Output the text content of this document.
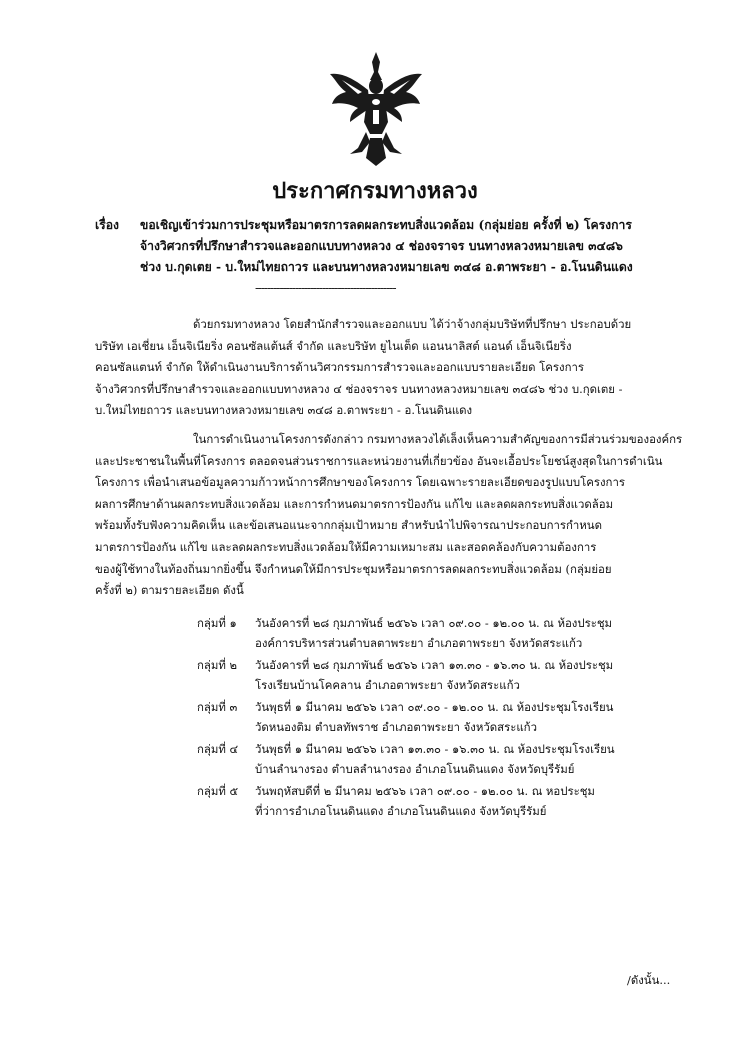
ประกาศกรมทางหลวง
เรื่อง ขอเชิญเข้าร่วมการประชุมหรือมาตรการลดผลกระทบสิ่งแวดล้อม (กลุ่มย่อย ครั้งที่ ๒) โครงการ
จ้างวิศวกรที่ปรึกษาสำรวจและออกแบบทางหลวง ๔ ช่องจราจร บนทางหลวงหมายเลข ๓๔๘๖
ช่วง บ.กุดเตย - บ.ใหม่ไทยถาวร และบนทางหลวงหมายเลข ๓๔๘ อ.ตาพระยา - อ.โนนดินแดง
----------------------------------------------
ด้วยกรมทางหลวง โดยสำนักสำรวจและออกแบบ ได้ว่าจ้างกลุ่มบริษัทที่ปรึกษา ประกอบด้วย
บริษัท เอเชี่ยน เอ็นจิเนียริ่ง คอนซัลแต้นส์ จำกัด และบริษัท ยูไนเต็ด แอนนาลิสต์ แอนด์ เอ็นจิเนียริ่ง
คอนซัลแตนท์ จำกัด ให้ดำเนินงานบริการด้านวิศวกรรมการสำรวจและออกแบบรายละเอียด โครงการ
จ้างวิศวกรที่ปรึกษาสำรวจและออกแบบทางหลวง ๔ ช่องจราจร บนทางหลวงหมายเลข ๓๔๘๖ ช่วง บ.กุดเตย -
บ.ใหม่ไทยถาวร และบนทางหลวงหมายเลข ๓๔๘ อ.ตาพระยา - อ.โนนดินแดง
ในการดำเนินงานโครงการดังกล่าว กรมทางหลวงได้เล็งเห็นความสำคัญของการมีส่วนร่วมขององค์กร
และประชาชนในพื้นที่โครงการ ตลอดจนส่วนราชการและหน่วยงานที่เกี่ยวข้อง อันจะเอื้อประโยชน์สูงสุดในการดำเนิน
โครงการ เพื่อนำเสนอข้อมูลความก้าวหน้าการศึกษาของโครงการ โดยเฉพาะรายละเอียดของรูปแบบโครงการ
ผลการศึกษาด้านผลกระทบสิ่งแวดล้อม และการกำหนดมาตรการป้องกัน แก้ไข และลดผลกระทบสิ่งแวดล้อม
พร้อมทั้งรับฟังความคิดเห็น และข้อเสนอแนะจากกลุ่มเป้าหมาย สำหรับนำไปพิจารณาประกอบการกำหนด
มาตรการป้องกัน แก้ไข และลดผลกระทบสิ่งแวดล้อมให้มีความเหมาะสม และสอดคล้องกับความต้องการ
ของผู้ใช้ทางในท้องถิ่นมากยิ่งขึ้น จึงกำหนดให้มีการประชุมหรือมาตรการลดผลกระทบสิ่งแวดล้อม (กลุ่มย่อย
ครั้งที่ ๒) ตามรายละเอียด ดังนี้
กลุ่มที่ ๑ วันอังคารที่ ๒๘ กุมภาพันธ์ ๒๕๖๖ เวลา ๐๙.๐๐ - ๑๒.๐๐ น. ณ ห้องประชุม
องค์การบริหารส่วนตำบลตาพระยา อำเภอตาพระยา จังหวัดสระแก้ว
กลุ่มที่ ๒ วันอังคารที่ ๒๘ กุมภาพันธ์ ๒๕๖๖ เวลา ๑๓.๓๐ - ๑๖.๓๐ น. ณ ห้องประชุม
โรงเรียนบ้านโคคลาน อำเภอตาพระยา จังหวัดสระแก้ว
กลุ่มที่ ๓ วันพุธที่ ๑ มีนาคม ๒๕๖๖ เวลา ๐๙.๐๐ - ๑๒.๐๐ น. ณ ห้องประชุมโรงเรียน
วัดหนองติม ตำบลทัพราช อำเภอตาพระยา จังหวัดสระแก้ว
กลุ่มที่ ๔ วันพุธที่ ๑ มีนาคม ๒๕๖๖ เวลา ๑๓.๓๐ - ๑๖.๓๐ น. ณ ห้องประชุมโรงเรียน
บ้านลำนางรอง ตำบลลำนางรอง อำเภอโนนดินแดง จังหวัดบุรีรัมย์
กลุ่มที่ ๕ วันพฤหัสบดีที่ ๒ มีนาคม ๒๕๖๖ เวลา ๐๙.๐๐ - ๑๒.๐๐ น. ณ หอประชุม
ที่ว่าการอำเภอโนนดินแดง อำเภอโนนดินแดง จังหวัดบุรีรัมย์
/ดังนั้น...
